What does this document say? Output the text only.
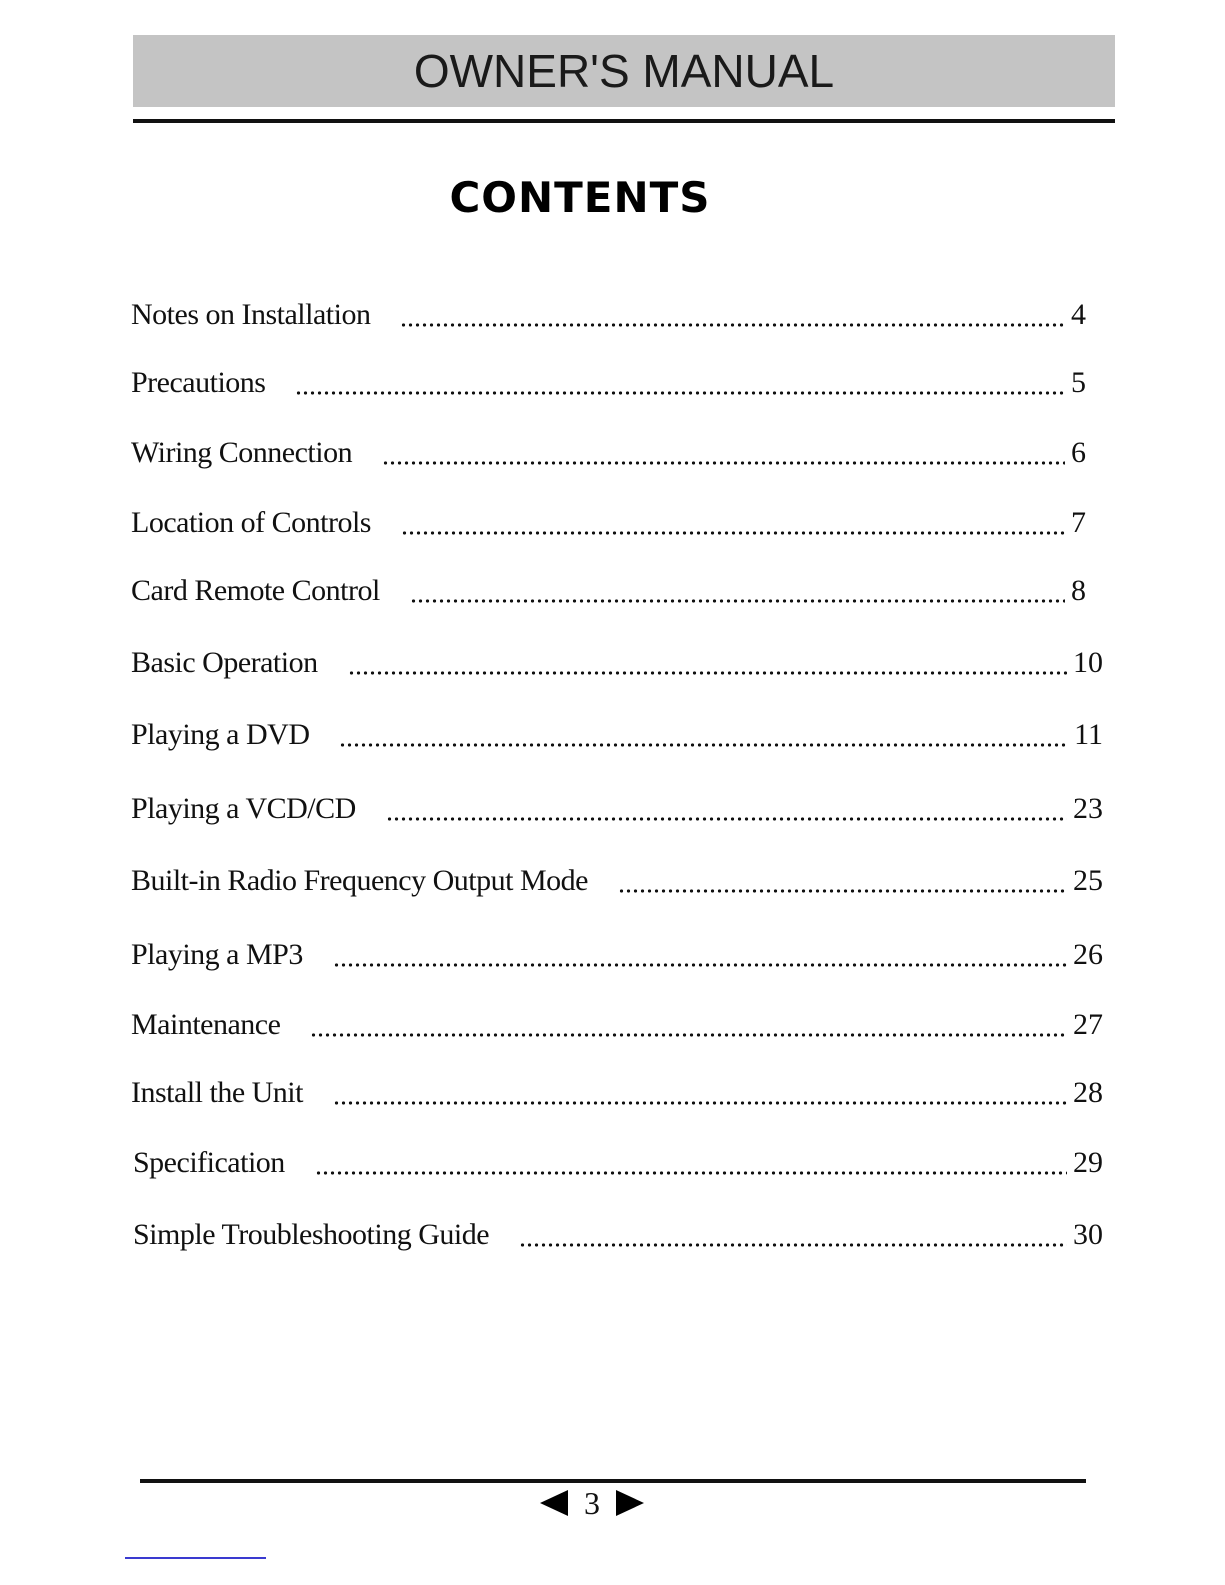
OWNER'S MANUAL
CONTENTS
Notes on Installation	4
Precautions	5
Wiring Connection	6
Location of Controls	7
Card Remote Control	8
Basic Operation	10
Playing a DVD	11
Playing a VCD/CD	23
Built-in Radio Frequency Output Mode	25
Playing a MP3	26
Maintenance	27
Install the Unit	28
Specification	29
Simple Troubleshooting Guide	30
3
